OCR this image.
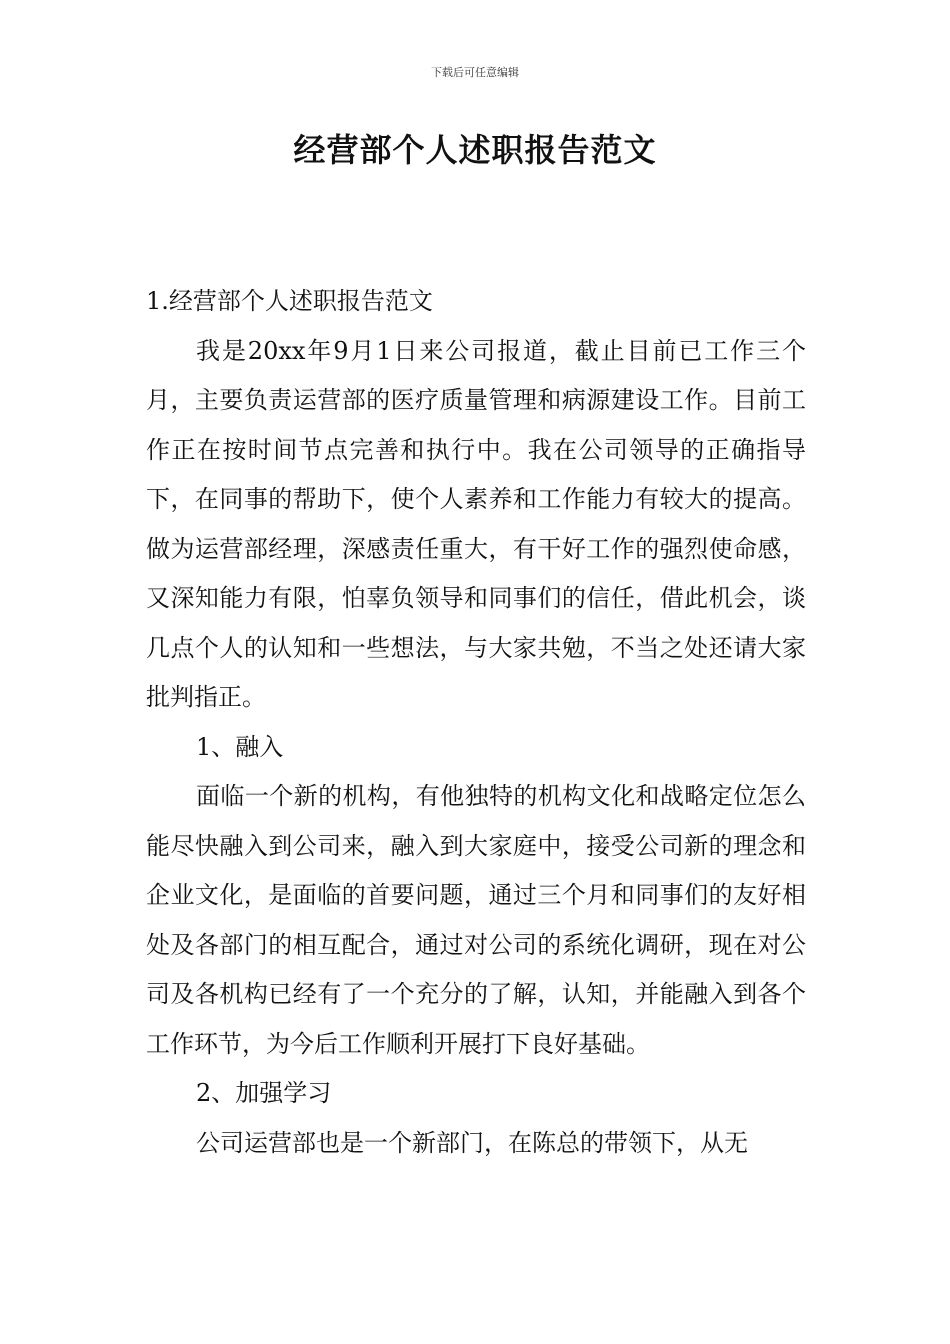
下载后可任意编辑
经营部个人述职报告范文

1.经营部个人述职报告范文

我是20xx年9月1日来公司报道，截止目前已工作三个月，主要负责运营部的医疗质量管理和病源建设工作。目前工作正在按时间节点完善和执行中。我在公司领导的正确指导下，在同事的帮助下，使个人素养和工作能力有较大的提高。做为运营部经理，深感责任重大，有干好工作的强烈使命感，又深知能力有限，怕辜负领导和同事们的信任，借此机会，谈几点个人的认知和一些想法，与大家共勉，不当之处还请大家批判指正。

1、融入

面临一个新的机构，有他独特的机构文化和战略定位怎么能尽快融入到公司来，融入到大家庭中，接受公司新的理念和企业文化，是面临的首要问题，通过三个月和同事们的友好相处及各部门的相互配合，通过对公司的系统化调研，现在对公司及各机构已经有了一个充分的了解，认知，并能融入到各个工作环节，为今后工作顺利开展打下良好基础。

2、加强学习

公司运营部也是一个新部门，在陈总的带领下，从无
